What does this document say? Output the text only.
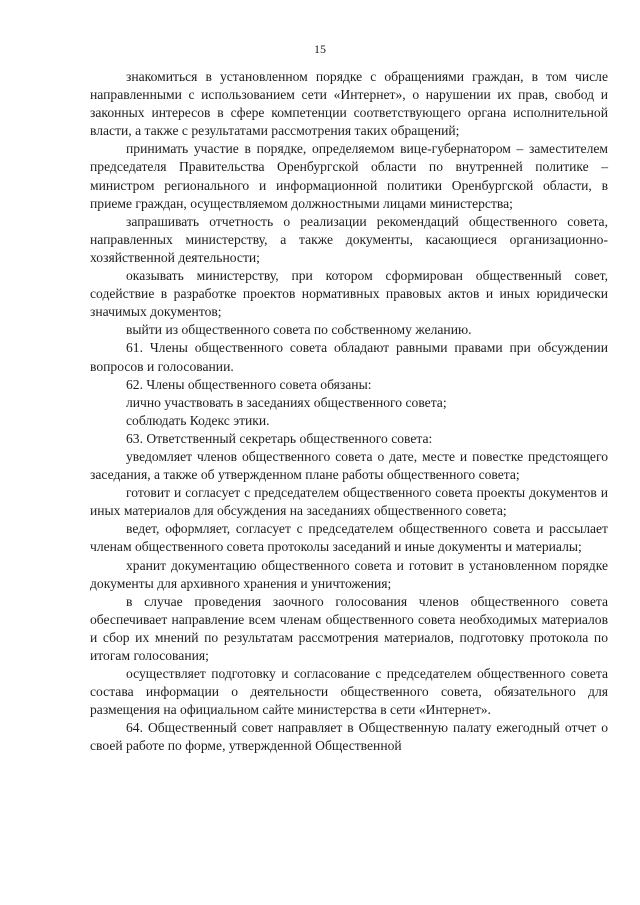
15

знакомиться в установленном порядке с обращениями граждан, в том числе направленными с использованием сети «Интернет», о нарушении их прав, свобод и законных интересов в сфере компетенции соответствующего органа исполнительной власти, а также с результатами рассмотрения таких обращений;

принимать участие в порядке, определяемом вице-губернатором – заместителем председателя Правительства Оренбургской области по внутренней политике – министром регионального и информационной политики Оренбургской области, в приеме граждан, осуществляемом должностными лицами министерства;

запрашивать отчетность о реализации рекомендаций общественного совета, направленных министерству, а также документы, касающиеся организационно-хозяйственной деятельности;

оказывать министерству, при котором сформирован общественный совет, содействие в разработке проектов нормативных правовых актов и иных юридически значимых документов;

выйти из общественного совета по собственному желанию.

61. Члены общественного совета обладают равными правами при обсуждении вопросов и голосовании.

62. Члены общественного совета обязаны:

лично участвовать в заседаниях общественного совета;

соблюдать Кодекс этики.

63. Ответственный секретарь общественного совета:

уведомляет членов общественного совета о дате, месте и повестке предстоящего заседания, а также об утвержденном плане работы общественного совета;

готовит и согласует с председателем общественного совета проекты документов и иных материалов для обсуждения на заседаниях общественного совета;

ведет, оформляет, согласует с председателем общественного совета и рассылает членам общественного совета протоколы заседаний и иные документы и материалы;

хранит документацию общественного совета и готовит в установленном порядке документы для архивного хранения и уничтожения;

в случае проведения заочного голосования членов общественного совета обеспечивает направление всем членам общественного совета необходимых материалов и сбор их мнений по результатам рассмотрения материалов, подготовку протокола по итогам голосования;

осуществляет подготовку и согласование с председателем общественного совета состава информации о деятельности общественного совета, обязательного для размещения на официальном сайте министерства в сети «Интернет».

64. Общественный совет направляет в Общественную палату ежегодный отчет о своей работе по форме, утвержденной Общественной
